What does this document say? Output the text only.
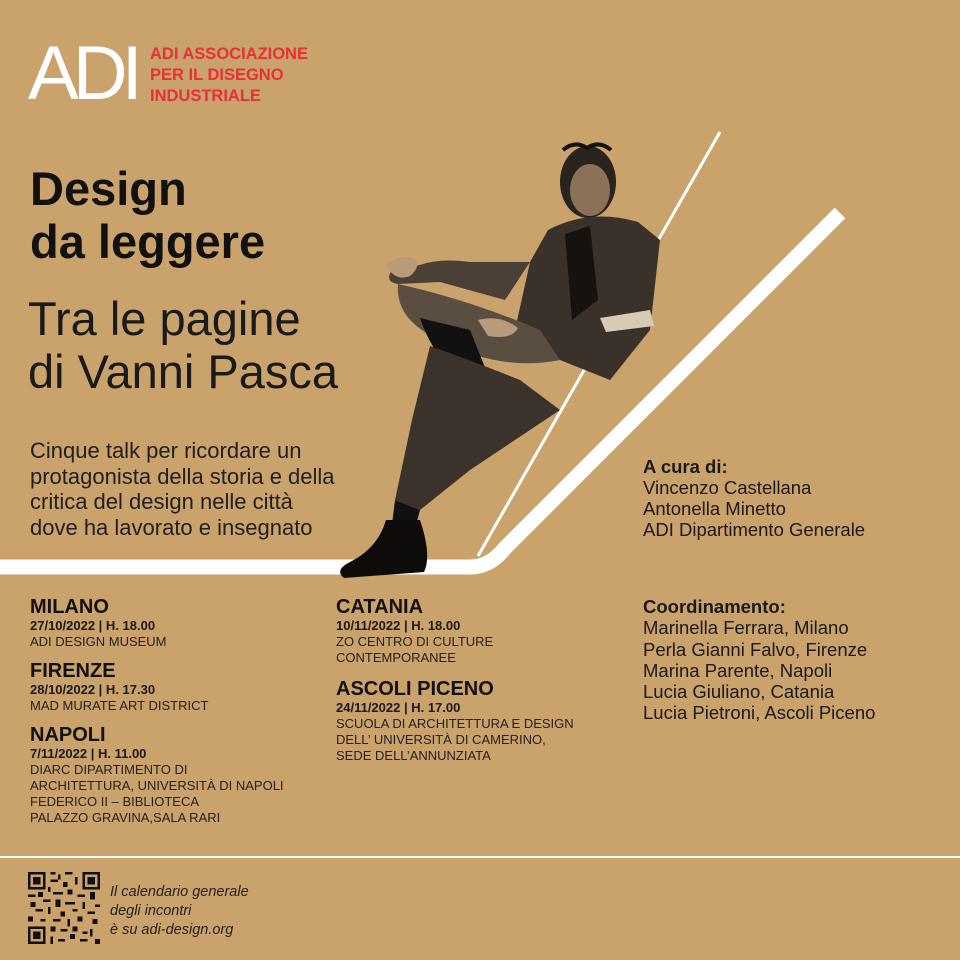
ADI ADI ASSOCIAZIONE
PER IL DISEGNO
INDUSTRIALE
Design
da leggere
Tra le pagine
di Vanni Pasca
Cinque talk per ricordare un
protagonista della storia e della
critica del design nelle città
dove ha lavorato e insegnato
A cura di:
Vincenzo Castellana
Antonella Minetto
ADI Dipartimento Generale
Coordinamento:
Marinella Ferrara, Milano
Perla Gianni Falvo, Firenze
Marina Parente, Napoli
Lucia Giuliano, Catania
Lucia Pietroni, Ascoli Piceno
MILANO
27/10/2022 | H. 18.00
ADI DESIGN MUSEUM
FIRENZE
28/10/2022 | H. 17.30
MAD MURATE ART DISTRICT
NAPOLI
7/11/2022 | H. 11.00
DIARC DIPARTIMENTO DI
ARCHITETTURA, UNIVERSITÀ DI NAPOLI
FEDERICO II – BIBLIOTECA
PALAZZO GRAVINA,SALA RARI
CATANIA
10/11/2022 | H. 18.00
ZO CENTRO DI CULTURE
CONTEMPORANEE
ASCOLI PICENO
24/11/2022 | H. 17.00
SCUOLA DI ARCHITETTURA E DESIGN
DELL’ UNIVERSITÀ DI CAMERINO,
SEDE DELL’ANNUNZIATA
Il calendario generale
degli incontri
è su adi-design.org
